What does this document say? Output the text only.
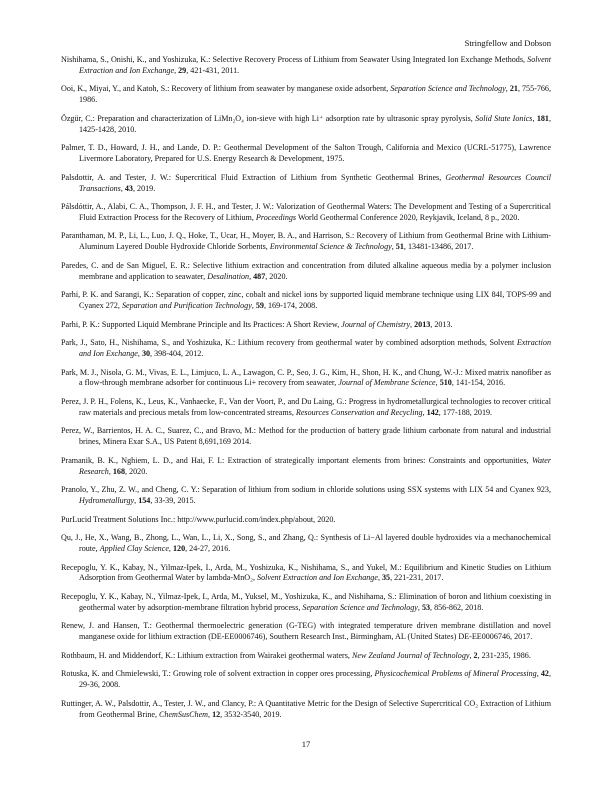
Stringfellow and Dobson

Nishihama, S., Onishi, K., and Yoshizuka, K.: Selective Recovery Process of Lithium from Seawater Using Integrated Ion Exchange Methods, Solvent Extraction and Ion Exchange, 29, 421-431, 2011.

Ooi, K., Miyai, Y., and Katoh, S.: Recovery of lithium from seawater by manganese oxide adsorbent, Separation Science and Technology, 21, 755-766, 1986.

Özgür, C.: Preparation and characterization of LiMn₂O₄ ion-sieve with high Li⁺ adsorption rate by ultrasonic spray pyrolysis, Solid State Ionics, 181, 1425-1428, 2010.

Palmer, T. D., Howard, J. H., and Lande, D. P.: Geothermal Development of the Salton Trough, California and Mexico (UCRL-51775), Lawrence Livermore Laboratory, Prepared for U.S. Energy Research & Development, 1975.

Palsdottir, A. and Tester, J. W.: Supercritical Fluid Extraction of Lithium from Synthetic Geothermal Brines, Geothermal Resources Council Transactions, 43, 2019.

Pálsdóttir, A., Alabi, C. A., Thompson, J. F. H., and Tester, J. W.: Valorization of Geothermal Waters: The Development and Testing of a Supercritical Fluid Extraction Process for the Recovery of Lithium, Proceedings World Geothermal Conference 2020, Reykjavik, Iceland, 8 p., 2020.

Paranthaman, M. P., Li, L., Luo, J. Q., Hoke, T., Ucar, H., Moyer, B. A., and Harrison, S.: Recovery of Lithium from Geothermal Brine with Lithium-Aluminum Layered Double Hydroxide Chloride Sorbents, Environmental Science & Technology, 51, 13481-13486, 2017.

Paredes, C. and de San Miguel, E. R.: Selective lithium extraction and concentration from diluted alkaline aqueous media by a polymer inclusion membrane and application to seawater, Desalination, 487, 2020.

Parhi, P. K. and Sarangi, K.: Separation of copper, zinc, cobalt and nickel ions by supported liquid membrane technique using LIX 84I, TOPS-99 and Cyanex 272, Separation and Purification Technology, 59, 169-174, 2008.

Parhi, P. K.: Supported Liquid Membrane Principle and Its Practices: A Short Review, Journal of Chemistry, 2013, 2013.

Park, J., Sato, H., Nishihama, S., and Yoshizuka, K.: Lithium recovery from geothermal water by combined adsorption methods, Solvent Extraction and Ion Exchange, 30, 398-404, 2012.

Park, M. J., Nisola, G. M., Vivas, E. L., Limjuco, L. A., Lawagon, C. P., Seo, J. G., Kim, H., Shon, H. K., and Chung, W.-J.: Mixed matrix nanofiber as a flow-through membrane adsorber for continuous Li+ recovery from seawater, Journal of Membrane Science, 510, 141-154, 2016.

Perez, J. P. H., Folens, K., Leus, K., Vanhaecke, F., Van der Voort, P., and Du Laing, G.: Progress in hydrometallurgical technologies to recover critical raw materials and precious metals from low-concentrated streams, Resources Conservation and Recycling, 142, 177-188, 2019.

Perez, W., Barrientos, H. A. C., Suarez, C., and Bravo, M.: Method for the production of battery grade lithium carbonate from natural and industrial brines, Minera Exar S.A., US Patent 8,691,169 2014.

Pramanik, B. K., Nghiem, L. D., and Hai, F. I.: Extraction of strategically important elements from brines: Constraints and opportunities, Water Research, 168, 2020.

Pranolo, Y., Zhu, Z. W., and Cheng, C. Y.: Separation of lithium from sodium in chloride solutions using SSX systems with LIX 54 and Cyanex 923, Hydrometallurgy, 154, 33-39, 2015.

PurLucid Treatment Solutions Inc.: http://www.purlucid.com/index.php/about, 2020.

Qu, J., He, X., Wang, B., Zhong, L., Wan, L., Li, X., Song, S., and Zhang, Q.: Synthesis of Li−Al layered double hydroxides via a mechanochemical route, Applied Clay Science, 120, 24-27, 2016.

Recepoglu, Y. K., Kabay, N., Yilmaz-Ipek, I., Arda, M., Yoshizuka, K., Nishihama, S., and Yukel, M.: Equilibrium and Kinetic Studies on Lithium Adsorption from Geothermal Water by lambda-MnO₂, Solvent Extraction and Ion Exchange, 35, 221-231, 2017.

Recepoglu, Y. K., Kabay, N., Yilmaz-Ipek, I., Arda, M., Yuksel, M., Yoshizuka, K., and Nishihama, S.: Elimination of boron and lithium coexisting in geothermal water by adsorption-membrane filtration hybrid process, Separation Science and Technology, 53, 856-862, 2018.

Renew, J. and Hansen, T.: Geothermal thermoelectric generation (G-TEG) with integrated temperature driven membrane distillation and novel manganese oxide for lithium extraction (DE-EE0006746), Southern Research Inst., Birmingham, AL (United States) DE-EE0006746, 2017.

Rothbaum, H. and Middendorf, K.: Lithium extraction from Wairakei geothermal waters, New Zealand Journal of Technology, 2, 231-235, 1986.

Rotuska, K. and Chmielewski, T.: Growing role of solvent extraction in copper ores processing, Physicochemical Problems of Mineral Processing, 42, 29-36, 2008.

Ruttinger, A. W., Palsdottir, A., Tester, J. W., and Clancy, P.: A Quantitative Metric for the Design of Selective Supercritical CO₂ Extraction of Lithium from Geothermal Brine, ChemSusChem, 12, 3532-3540, 2019.

17
